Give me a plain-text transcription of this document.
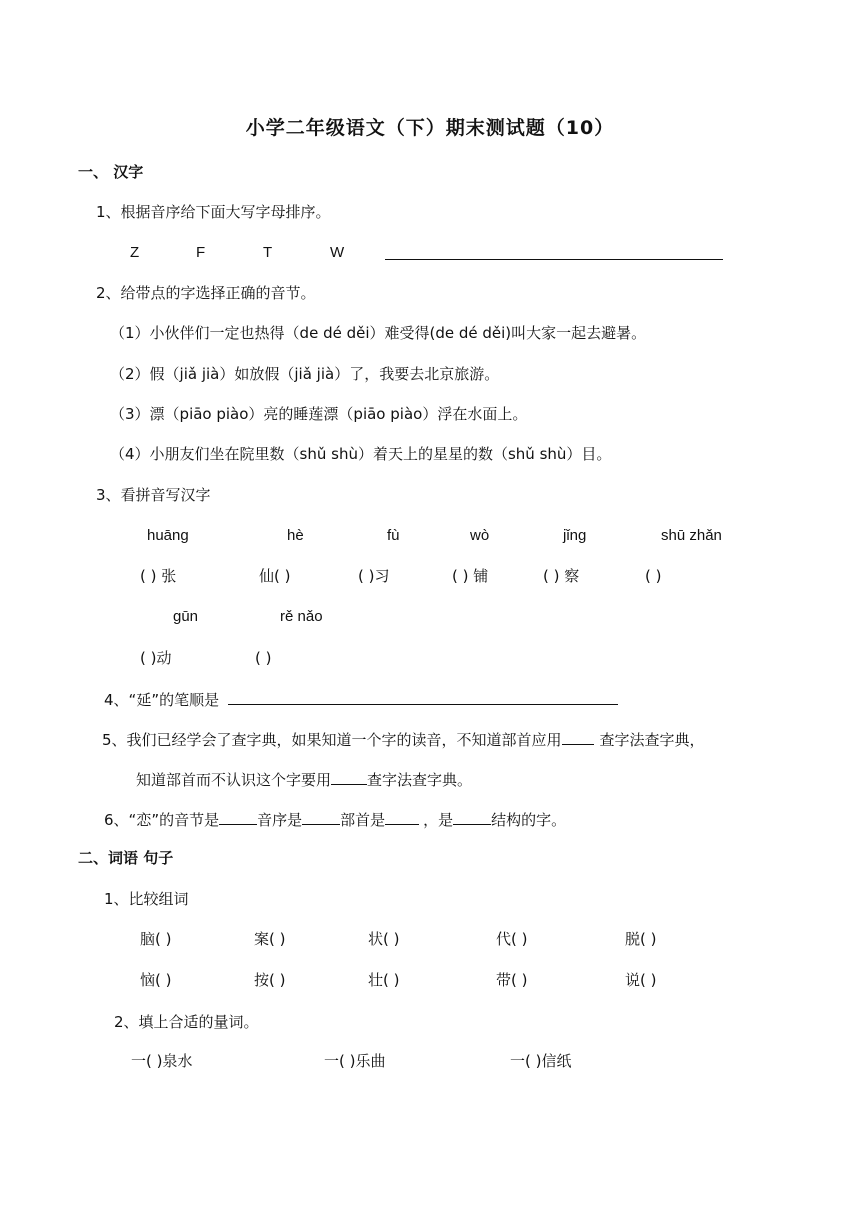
小学二年级语文（下）期末测试题（10）
一、 汉字
1、根据音序给下面大写字母排序。
Z	F	T	W
2、给带点的字选择正确的音节。
（1）小伙伴们一定也热得（de dé děi）难受得(de dé děi)叫大家一起去避暑。
（2）假（jiǎ jià）如放假（jiǎ jià）了，我要去北京旅游。
（3）漂（piāo piào）亮的睡莲漂（piāo piào）浮在水面上。
（4）小朋友们坐在院里数（shǔ shù）着天上的星星的数（shǔ shù）目。
3、看拼音写汉字
huāng	hè	fù	wò	jǐng	shū zhǎn
( ) 张	仙( )	( )习	( ) 铺	( ) 察	( )
gūn	rě nǎo
( )动	( )
4、“延”的笔顺是
5、我们已经学会了查字典，如果知道一个字的读音，不知道部首应用	查字法查字典，
知道部首而不认识这个字要用 查字法查字典。
6、“恋”的音节是	音序是	部首是	，是	结构的字。
二、词语 句子
1、比较组词
脑( )	案( )	状( )	代( )	脱( )
恼( )	按( )	壮( )	带( )	说( )
2、填上合适的量词。
一( )泉水	一( )乐曲	一( )信纸
